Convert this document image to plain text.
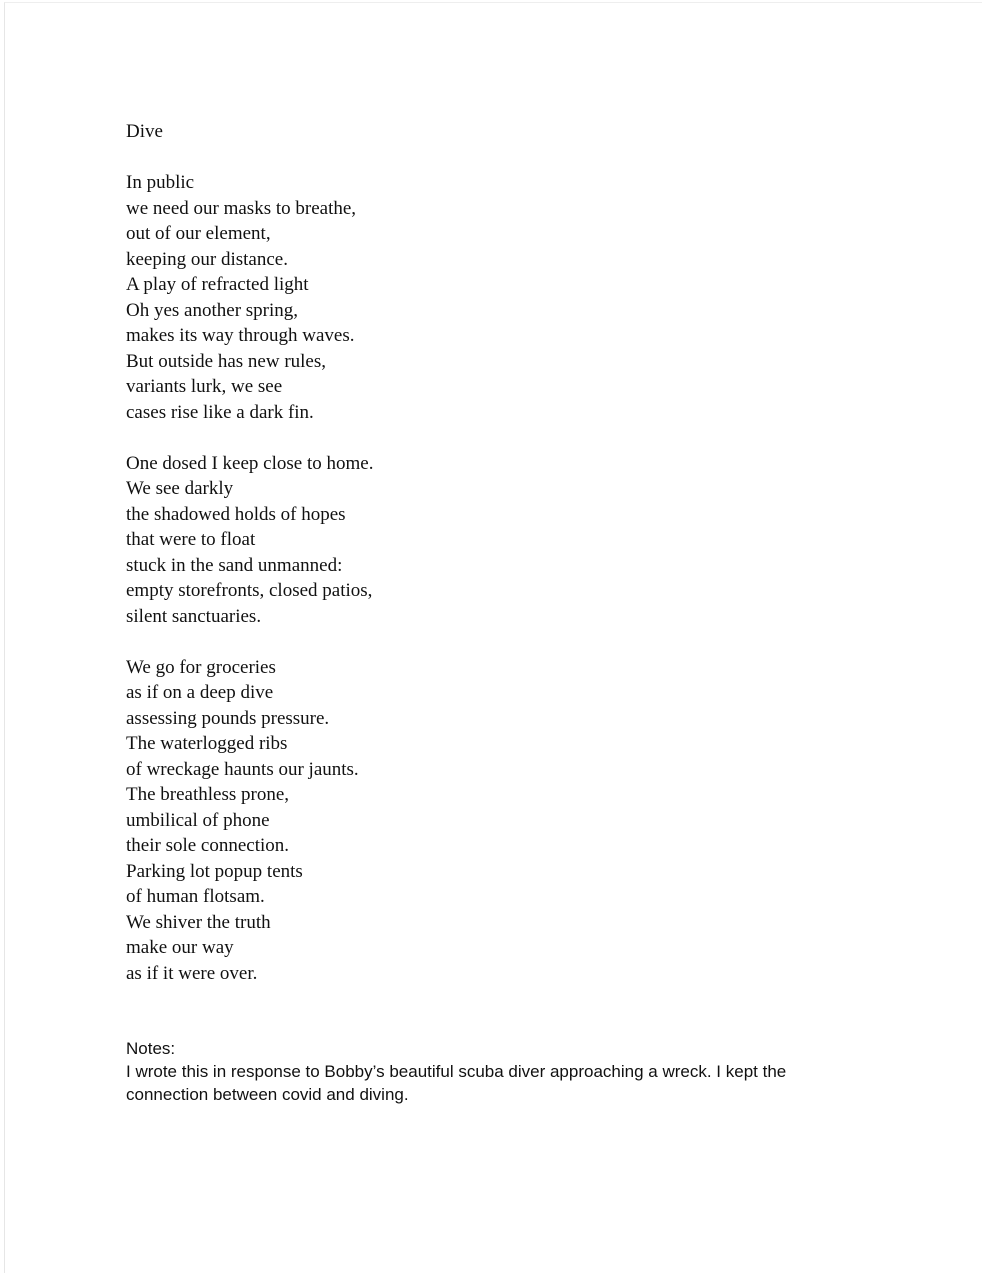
Dive
In public
we need our masks to breathe,
out of our element,
keeping our distance.
A play of refracted light
Oh yes another spring,
makes its way through waves.
But outside has new rules,
variants lurk, we see
cases rise like a dark fin.
One dosed I keep close to home.
We see darkly
the shadowed holds of hopes
that were to float
stuck in the sand unmanned:
empty storefronts, closed patios,
silent sanctuaries.
We go for groceries
as if on a deep dive
assessing pounds pressure.
The waterlogged ribs
of wreckage haunts our jaunts.
The breathless prone,
umbilical of phone
their sole connection.
Parking lot popup tents
of human flotsam.
We shiver the truth
make our way
as if it were over.
Notes:

I wrote this in response to Bobby’s beautiful scuba diver approaching a wreck. I kept the connection between covid and diving.
